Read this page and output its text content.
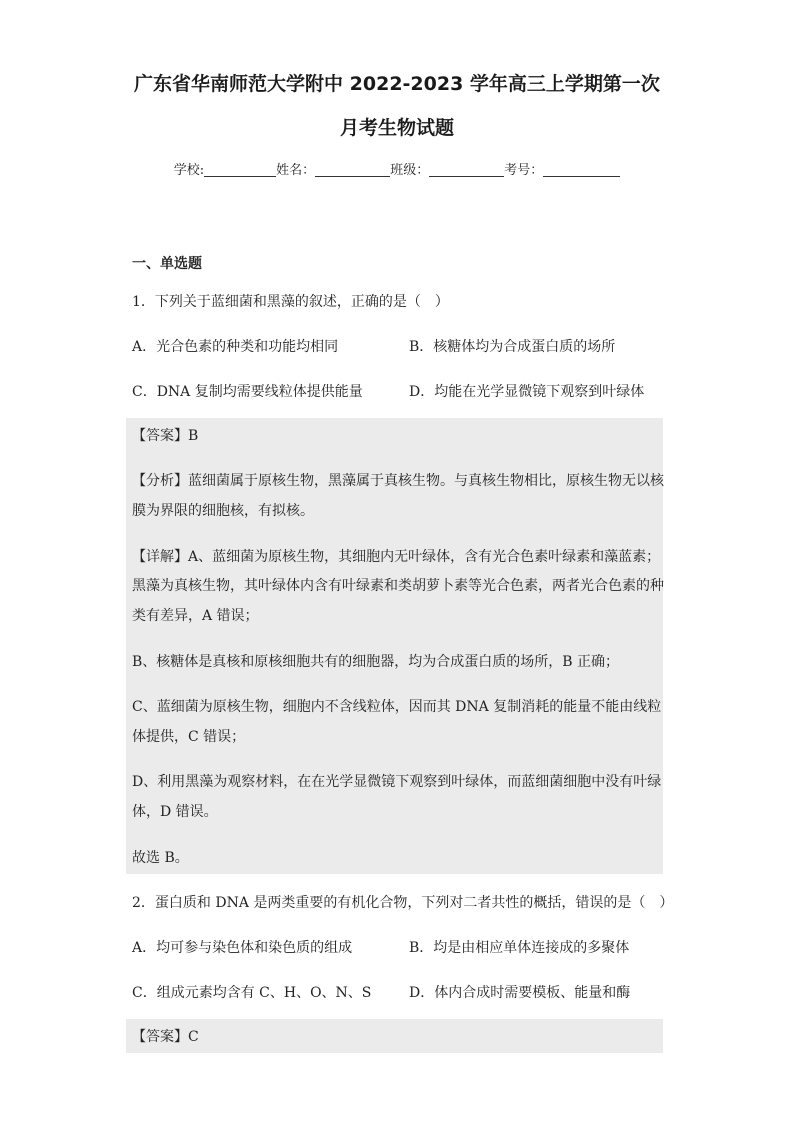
广东省华南师范大学附中 2022-2023 学年高三上学期第一次
月考生物试题
学校:	姓名：	班级：	考号：
一、单选题
1．下列关于蓝细菌和黑藻的叙述，正确的是（　）
A．光合色素的种类和功能均相同	B．核糖体均为合成蛋白质的场所
C．DNA 复制均需要线粒体提供能量	D．均能在光学显微镜下观察到叶绿体
【答案】B
【分析】蓝细菌属于原核生物，黑藻属于真核生物。与真核生物相比，原核生物无以核
膜为界限的细胞核，有拟核。
【详解】A、蓝细菌为原核生物，其细胞内无叶绿体，含有光合色素叶绿素和藻蓝素；
黑藻为真核生物，其叶绿体内含有叶绿素和类胡萝卜素等光合色素，两者光合色素的种
类有差异，A 错误；
B、核糖体是真核和原核细胞共有的细胞器，均为合成蛋白质的场所，B 正确；
C、蓝细菌为原核生物，细胞内不含线粒体，因而其 DNA 复制消耗的能量不能由线粒
体提供，C 错误；
D、利用黑藻为观察材料，在在光学显微镜下观察到叶绿体，而蓝细菌细胞中没有叶绿
体，D 错误。
故选 B。
2．蛋白质和 DNA 是两类重要的有机化合物，下列对二者共性的概括，错误的是（　）
A．均可参与染色体和染色质的组成	B．均是由相应单体连接成的多聚体
C．组成元素均含有 C、H、O、N、S	D．体内合成时需要模板、能量和酶
【答案】C
